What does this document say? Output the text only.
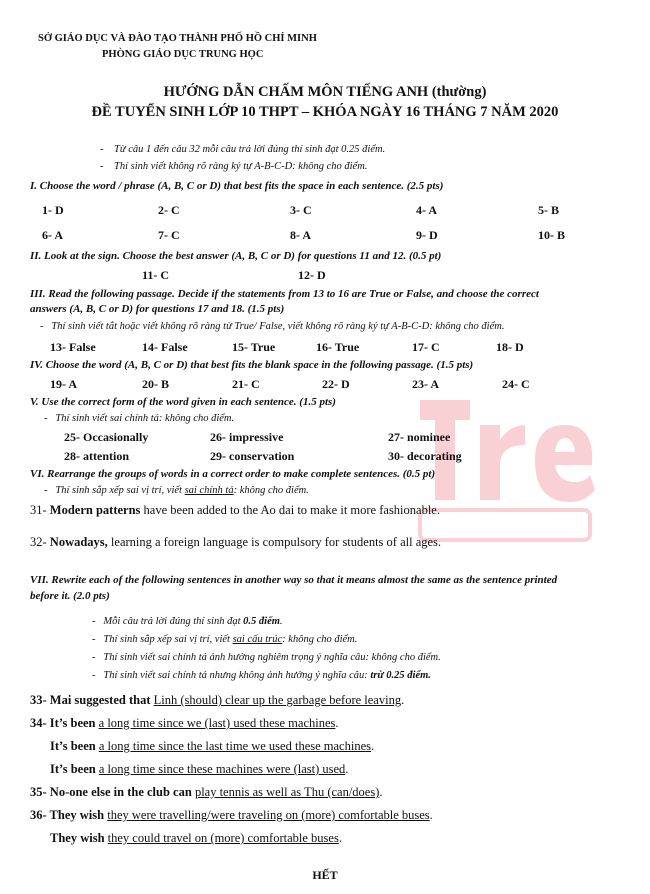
SỞ GIÁO DỤC VÀ ĐÀO TẠO THÀNH PHỐ HỒ CHÍ MINH
PHÒNG GIÁO DỤC TRUNG HỌC
HƯỚNG DẪN CHẤM MÔN TIẾNG ANH (thường)
ĐỀ TUYỂN SINH LỚP 10 THPT – KHÓA NGÀY 16 THÁNG 7 NĂM 2020
-    Từ câu 1 đến câu 32 mỗi câu trả lời đúng thí sinh đạt 0.25 điểm.
-    Thí sinh viết không rõ ràng ký tự A-B-C-D: không cho điểm.
I. Choose the word / phrase (A, B, C or D) that best fits the space in each sentence. (2.5 pts)
1- D	2- C	3- C	4- A	5- B
6- A	7- C	8- A	9- D	10- B
II. Look at the sign. Choose the best answer (A, B, C or D) for questions 11 and 12. (0.5 pt)
11- C	12- D
III. Read the following passage. Decide if the statements from 13 to 16 are True or False, and choose the correct
answers (A, B, C or D) for questions 17 and 18. (1.5 pts)
-   Thí sinh viết tắt hoặc viết không rõ ràng từ True/ False, viết không rõ ràng ký tự A-B-C-D: không cho điểm.
13- False	14- False	15- True	16- True	17- C	18- D
IV. Choose the word (A, B, C or D) that best fits the blank space in the following passage. (1.5 pts)
19- A	20- B	21- C	22- D	23- A	24- C
V. Use the correct form of the word given in each sentence. (1.5 pts)
-   Thí sinh viết sai chính tả: không cho điểm.
25- Occasionally	26- impressive	27- nominee
28- attention	29- conservation	30- decorating
VI. Rearrange the groups of words in a correct order to make complete sentences. (0.5 pt)
-   Thí sinh sắp xếp sai vị trí, viết sai chính tả: không cho điểm.
31- Modern patterns have been added to the Ao dai to make it more fashionable.
32- Nowadays, learning a foreign language is compulsory for students of all ages.
VII. Rewrite each of the following sentences in another way so that it means almost the same as the sentence printed
before it. (2.0 pts)
-   Mỗi câu trả lời đúng thí sinh đạt 0.5 điểm.
-   Thí sinh sắp xếp sai vị trí, viết sai cấu trúc: không cho điểm.
-   Thí sinh viết sai chính tả ảnh hưởng nghiêm trọng ý nghĩa câu: không cho điểm.
-   Thí sinh viết sai chính tả nhưng không ảnh hưởng ý nghĩa câu: trừ 0.25 điểm.
33- Mai suggested that Linh (should) clear up the garbage before leaving.
34- It’s been a long time since we (last) used these machines.
It’s been a long time since the last time we used these machines.
It’s been a long time since these machines were (last) used.
35- No-one else in the club can play tennis as well as Thu (can/does).
36- They wish they were travelling/were traveling on (more) comfortable buses.
They wish they could travel on (more) comfortable buses.
HẾT
